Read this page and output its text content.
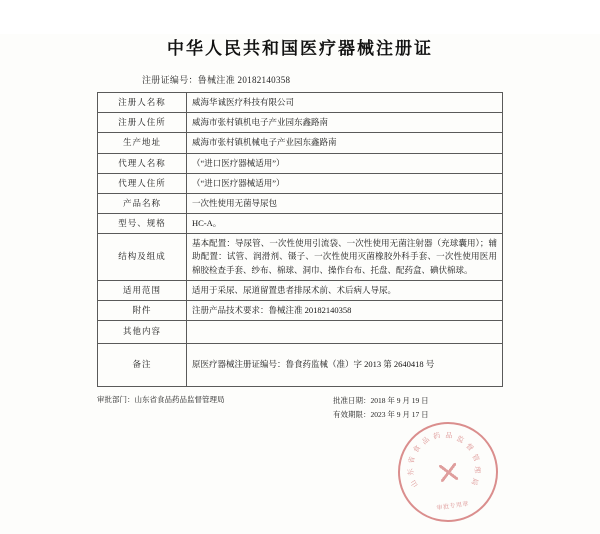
中华人民共和国医疗器械注册证
注册证编号：鲁械注准 20182140358
注册人名称	威海华诚医疗科技有限公司
注册人住所	威海市张村镇机电子产业园东鑫路南
生产地址	威海市张村镇机械电子产业园东鑫路南
代理人名称	（“进口医疗器械适用”）
代理人住所	（“进口医疗器械适用”）
产品名称	一次性使用无菌导尿包
型号、规格	HC-A。
结构及组成	基本配置：导尿管、一次性使用引流袋、一次性使用无菌注射器（充球囊用）；辅助配置：试管、润滑剂、镊子、一次性使用灭菌橡胶外科手套、一次性使用医用棉胶检查手套、纱布、棉球、洞巾、操作台布、托盘、配药盒、碘伏棉球。
适用范围	适用于采尿、尿道留置患者排尿术前、术后病人导尿。
附件	注册产品技术要求：鲁械注准 20182140358
其他内容	
备注	原医疗器械注册证编号：鲁食药监械（准）字 2013 第 2640418 号
审批部门：山东省食品药品监督管理局	批准日期：2018 年 9 月 19 日
有效期限：2023 年 9 月 17 日
山
东
省
食
品 药 品 监
督
管
理
局
审批专用章
